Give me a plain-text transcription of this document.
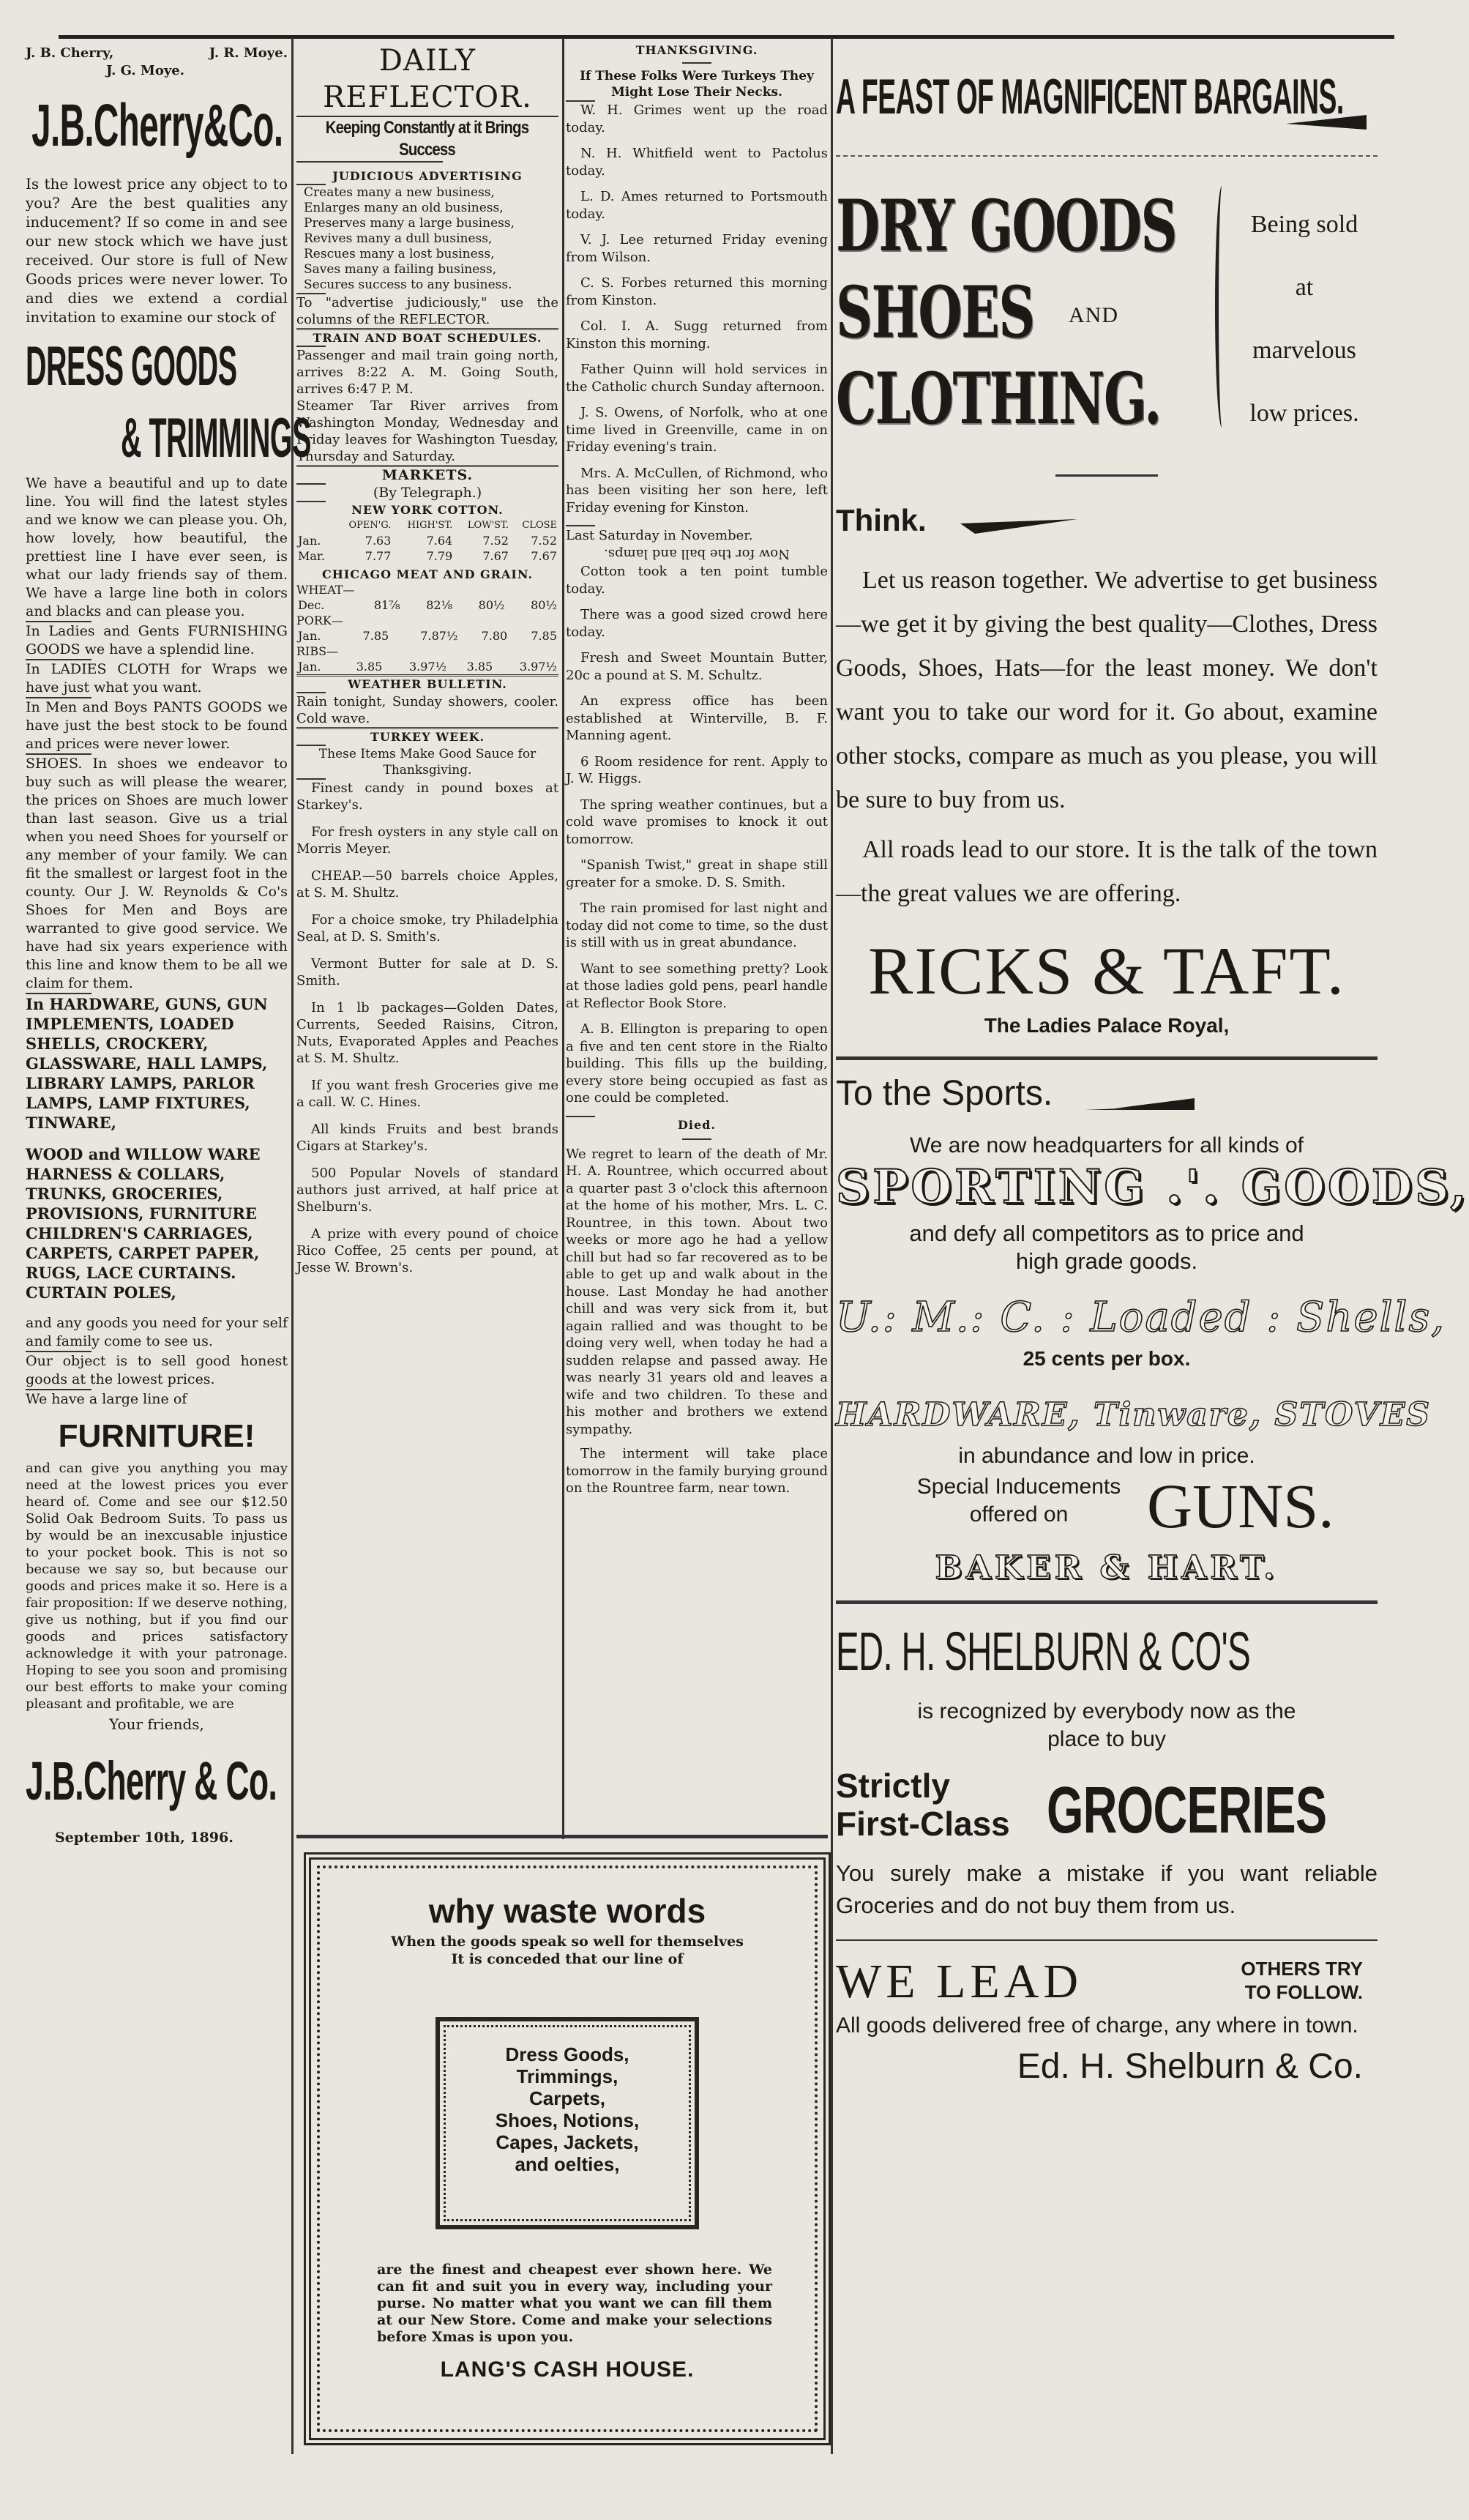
J. B. Cherry,	J. R. Moye.
J. G. Moye.
J.B.Cherry&Co.

Is the lowest price any object to to you? Are the best qualities any inducement? If so come in and see our new stock which we have just received. Our store is full of New Goods prices were never lower. To and dies we extend a cordial invitation to examine our stock of

DRESS GOODS
& TRIMMINGS

We have a beautiful and up to date line. You will find the latest styles and we know we can please you. Oh, how lovely, how beautiful, the prettiest line I have ever seen, is what our lady friends say of them. We have a large line both in colors and blacks and can please you.

In Ladies and Gents FURNISHING GOODS we have a splendid line.

In LADIES CLOTH for Wraps we have just what you want.

In Men and Boys PANTS GOODS we have just the best stock to be found and prices were never lower.

SHOES. In shoes we endeavor to buy such as will please the wearer, the prices on Shoes are much lower than last season. Give us a trial when you need Shoes for yourself or any member of your family. We can fit the smallest or largest foot in the county. Our J. W. Reynolds & Co's Shoes for Men and Boys are warranted to give good service. We have had six years experience with this line and know them to be all we claim for them.

In HARDWARE, GUNS, GUN IMPLEMENTS, LOADED SHELLS, CROCKERY, GLASSWARE, HALL LAMPS, LIBRARY LAMPS, PARLOR LAMPS, LAMP FIXTURES, TINWARE,

WOOD and WILLOW WARE HARNESS & COLLARS, TRUNKS, GROCERIES, PROVISIONS, FURNITURE CHILDREN'S CARRIAGES, CARPETS, CARPET PAPER, RUGS, LACE CURTAINS. CURTAIN POLES,

and any goods you need for your self and family come to see us.

Our object is to sell good honest goods at the lowest prices.

We have a large line of

FURNITURE!

and can give you anything you may need at the lowest prices you ever heard of. Come and see our $12.50 Solid Oak Bedroom Suits. To pass us by would be an inexcusable injustice to your pocket book. This is not so because we say so, but because our goods and prices make it so. Here is a fair proposition: If we deserve nothing, give us nothing, but if you find our goods and prices satisfactory acknowledge it with your patronage. Hoping to see you soon and promising our best efforts to make your coming pleasant and profitable, we are

Your friends,
J.B.Cherry & Co.
September 10th, 1896.
DAILY REFLECTOR.
Keeping Constantly at it Brings Success
JUDICIOUS ADVERTISING

Creates many a new business,

Enlarges many an old business,

Preserves many a large business,

Revives many a dull business,

Rescues many a lost business,

Saves many a failing business,

Secures success to any business.

To "advertise judiciously," use the columns of the REFLECTOR.

TRAIN AND BOAT SCHEDULES.

Passenger and mail train going north, arrives 8:22 A. M. Going South, arrives 6:47 P. M.

Steamer Tar River arrives from Washington Monday, Wednesday and Friday leaves for Washington Tuesday, Thursday and Saturday.

MARKETS.
(By Telegraph.)
NEW YORK COTTON.
	OPEN'G.	HIGH'ST.	LOW'ST.	CLOSE
Jan.	7.63	7.64	7.52	7.52
Mar.	7.77	7.79	7.67	7.67
CHICAGO MEAT AND GRAIN.
WHEAT—
Dec.	81⅞	82⅛	80½	80½
PORK—
Jan.	7.85	7.87½	7.80	7.85
RIBS—
Jan.	3.85	3.97½	3.85	3.97½
WEATHER BULLETIN.

Rain tonight, Sunday showers, cooler. Cold wave.

TURKEY WEEK.
These Items Make Good Sauce for Thanksgiving.

Finest candy in pound boxes at Starkey's.

For fresh oysters in any style call on Morris Meyer.

CHEAP.—50 barrels choice Apples, at S. M. Shultz.

For a choice smoke, try Philadelphia Seal, at D. S. Smith's.

Vermont Butter for sale at D. S. Smith.

In 1 lb packages—Golden Dates, Currents, Seeded Raisins, Citron, Nuts, Evaporated Apples and Peaches at S. M. Shultz.

If you want fresh Groceries give me a call. W. C. Hines.

All kinds Fruits and best brands Cigars at Starkey's.

500 Popular Novels of standard authors just arrived, at half price at Shelburn's.

A prize with every pound of choice Rico Coffee, 25 cents per pound, at Jesse W. Brown's.

THANKSGIVING.
If These Folks Were Turkeys They Might Lose Their Necks.

W. H. Grimes went up the road today.

N. H. Whitfield went to Pactolus today.

L. D. Ames returned to Portsmouth today.

V. J. Lee returned Friday evening from Wilson.

C. S. Forbes returned this morning from Kinston.

Col. I. A. Sugg returned from Kinston this morning.

Father Quinn will hold services in the Catholic church Sunday afternoon.

J. S. Owens, of Norfolk, who at one time lived in Greenville, came in on Friday evening's train.

Mrs. A. McCullen, of Richmond, who has been visiting her son here, left Friday evening for Kinston.

Last Saturday in November.

Now for the ball and lamps.

Cotton took a ten point tumble today.

There was a good sized crowd here today.

Fresh and Sweet Mountain Butter, 20c a pound at S. M. Schultz.

An express office has been established at Winterville, B. F. Manning agent.

6 Room residence for rent. Apply to J. W. Higgs.

The spring weather continues, but a cold wave promises to knock it out tomorrow.

"Spanish Twist," great in shape still greater for a smoke. D. S. Smith.

The rain promised for last night and today did not come to time, so the dust is still with us in great abundance.

Want to see something pretty? Look at those ladies gold pens, pearl handle at Reflector Book Store.

A. B. Ellington is preparing to open a five and ten cent store in the Rialto building. This fills up the building, every store being occupied as fast as one could be completed.

Died.

We regret to learn of the death of Mr. H. A. Rountree, which occurred about a quarter past 3 o'clock this afternoon at the home of his mother, Mrs. L. C. Rountree, in this town. About two weeks or more ago he had a yellow chill but had so far recovered as to be able to get up and walk about in the house. Last Monday he had another chill and was very sick from it, but again rallied and was thought to be doing very well, when today he had a sudden relapse and passed away. He was nearly 31 years old and leaves a wife and two children. To these and his mother and brothers we extend sympathy.

The interment will take place tomorrow in the family burying ground on the Rountree farm, near town.

why waste words
When the goods speak so well for themselves
It is conceded that our line of

Dress Goods,

Trimmings,

Carpets,

Shoes, Notions,

Capes, Jackets,

and oelties,

are the finest and cheapest ever shown here. We can fit and suit you in every way, including your purse. No matter what you want we can fill them at our New Store. Come and make your selections before Xmas is upon you.

LANG'S CASH HOUSE.
A FEAST OF MAGNIFICENT BARGAINS.
DRY GOODS
SHOES AND
CLOTHING.

Being sold

at

marvelous

low prices.

Think.

Let us reason together. We advertise to get business—we get it by giving the best quality—Clothes, Dress Goods, Shoes, Hats—for the least money. We don't want you to take our word for it. Go about, examine other stocks, compare as much as you please, you will be sure to buy from us.

All roads lead to our store. It is the talk of the town—the great values we are offering.

RICKS & TAFT.
The Ladies Palace Royal,
To the Sports.
We are now headquarters for all kinds of
SPORTING .'. GOODS,
and defy all competitors as to price and high grade goods.
U.: M.: C. : Loaded : Shells,
25 cents per box.
HARDWARE, Tinware, STOVES
in abundance and low in price.
Special Inducements
offered on	GUNS.
BAKER & HART.
ED. H. SHELBURN & CO'S
is recognized by everybody now as the place to buy
Strictly
First-Class GROCERIES

You surely make a mistake if you want reliable Groceries and do not buy them from us.

WE LEAD	OTHERS TRY
TO FOLLOW.

All goods delivered free of charge, any where in town.

Ed. H. Shelburn & Co.
